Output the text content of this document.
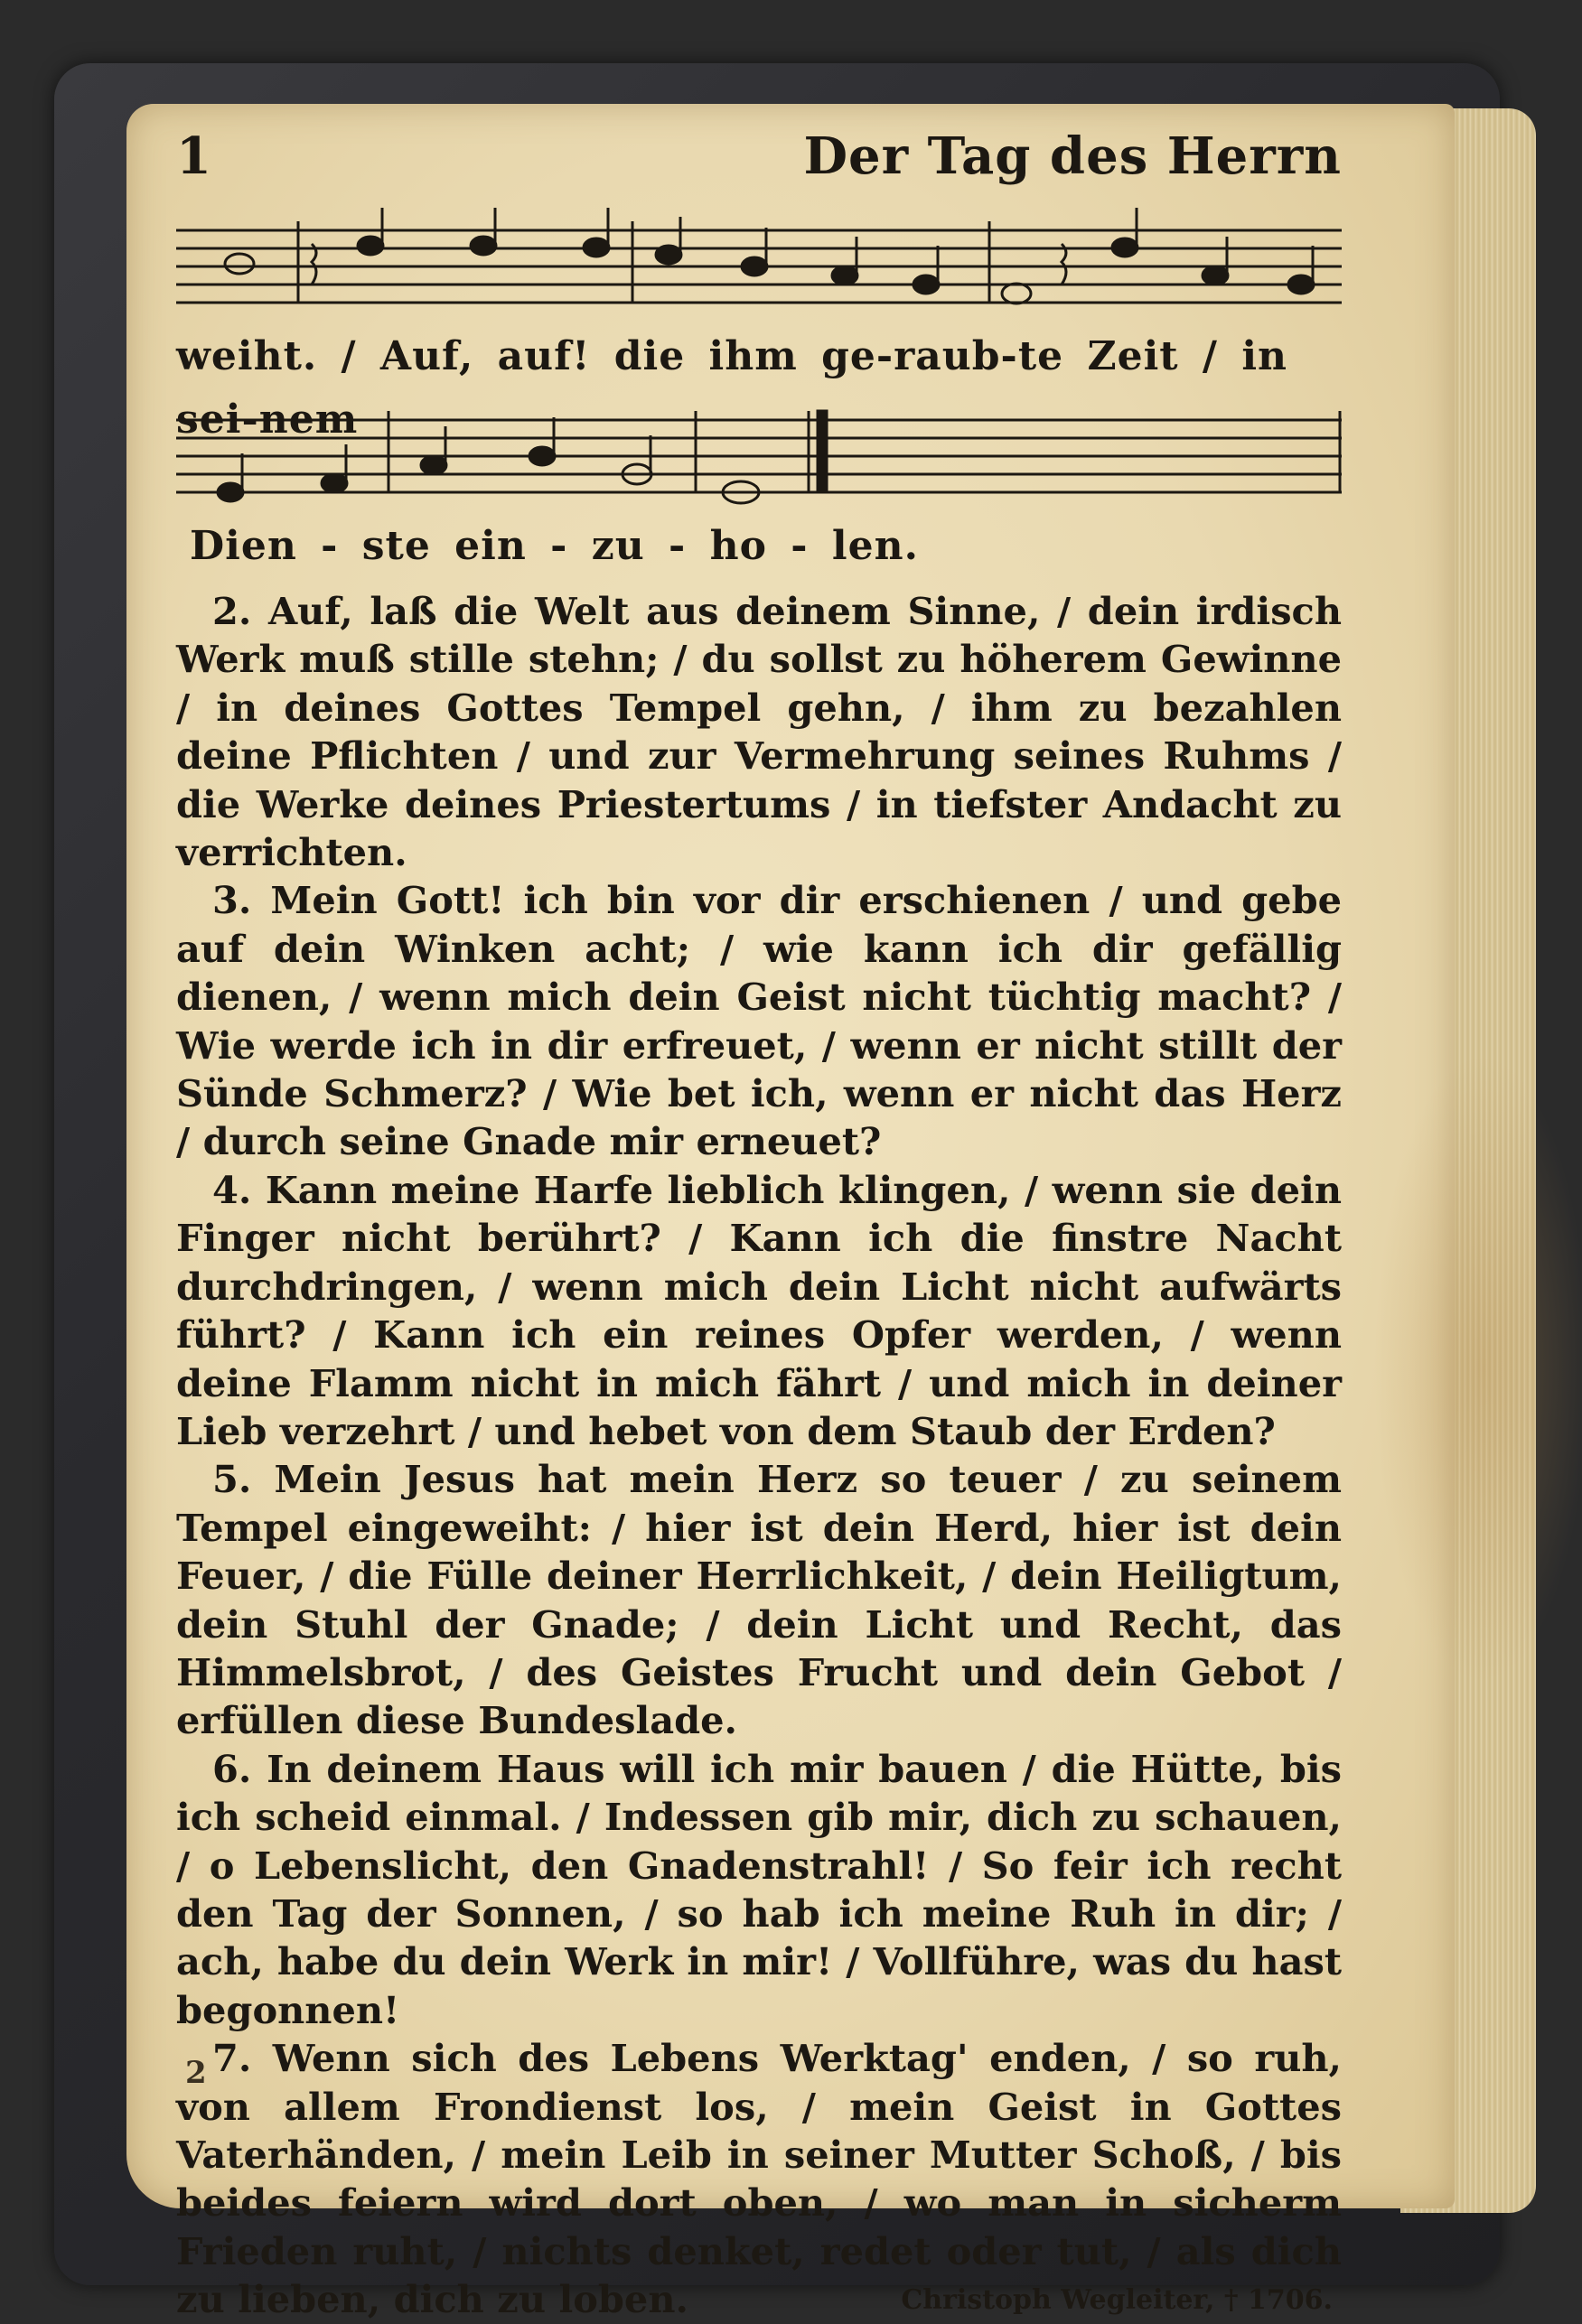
1	Der Tag des Herrn
weiht. / Auf, auf! die ihm ge-raub-te Zeit / in sei-nem
Dien - ste ein - zu - ho - len.

2. Auf, laß die Welt aus deinem Sinne, / dein irdisch Werk muß stille stehn; / du sollst zu höherem Gewinne / in deines Gottes Tempel gehn, / ihm zu bezahlen deine Pflichten / und zur Vermehrung seines Ruhms / die Werke deines Priestertums / in tiefster Andacht zu verrichten.

3. Mein Gott! ich bin vor dir erschienen / und gebe auf dein Winken acht; / wie kann ich dir gefällig dienen, / wenn mich dein Geist nicht tüchtig macht? / Wie werde ich in dir erfreuet, / wenn er nicht stillt der Sünde Schmerz? / Wie bet ich, wenn er nicht das Herz / durch seine Gnade mir erneuet?

4. Kann meine Harfe lieblich klingen, / wenn sie dein Finger nicht berührt? / Kann ich die finstre Nacht durchdringen, / wenn mich dein Licht nicht aufwärts führt? / Kann ich ein reines Opfer werden, / wenn deine Flamm nicht in mich fährt / und mich in deiner Lieb verzehrt / und hebet von dem Staub der Erden?

5. Mein Jesus hat mein Herz so teuer / zu seinem Tempel eingeweiht: / hier ist dein Herd, hier ist dein Feuer, / die Fülle deiner Herrlichkeit, / dein Heiligtum, dein Stuhl der Gnade; / dein Licht und Recht, das Himmelsbrot, / des Geistes Frucht und dein Gebot / erfüllen diese Bundeslade.

6. In deinem Haus will ich mir bauen / die Hütte, bis ich scheid einmal. / Indessen gib mir, dich zu schauen, / o Lebenslicht, den Gnadenstrahl! / So feir ich recht den Tag der Sonnen, / so hab ich meine Ruh in dir; / ach, habe du dein Werk in mir! / Vollführe, was du hast begonnen!

7. Wenn sich des Lebens Werktag' enden, / so ruh, von allem Frondienst los, / mein Geist in Gottes Vaterhänden, / mein Leib in seiner Mutter Schoß, / bis beides feiern wird dort oben, / wo man in sicherm Frieden ruht, / nichts denket, redet oder tut, / als dich zu lieben, dich zu loben.	Christoph Wegleiter, † 1706.
2
